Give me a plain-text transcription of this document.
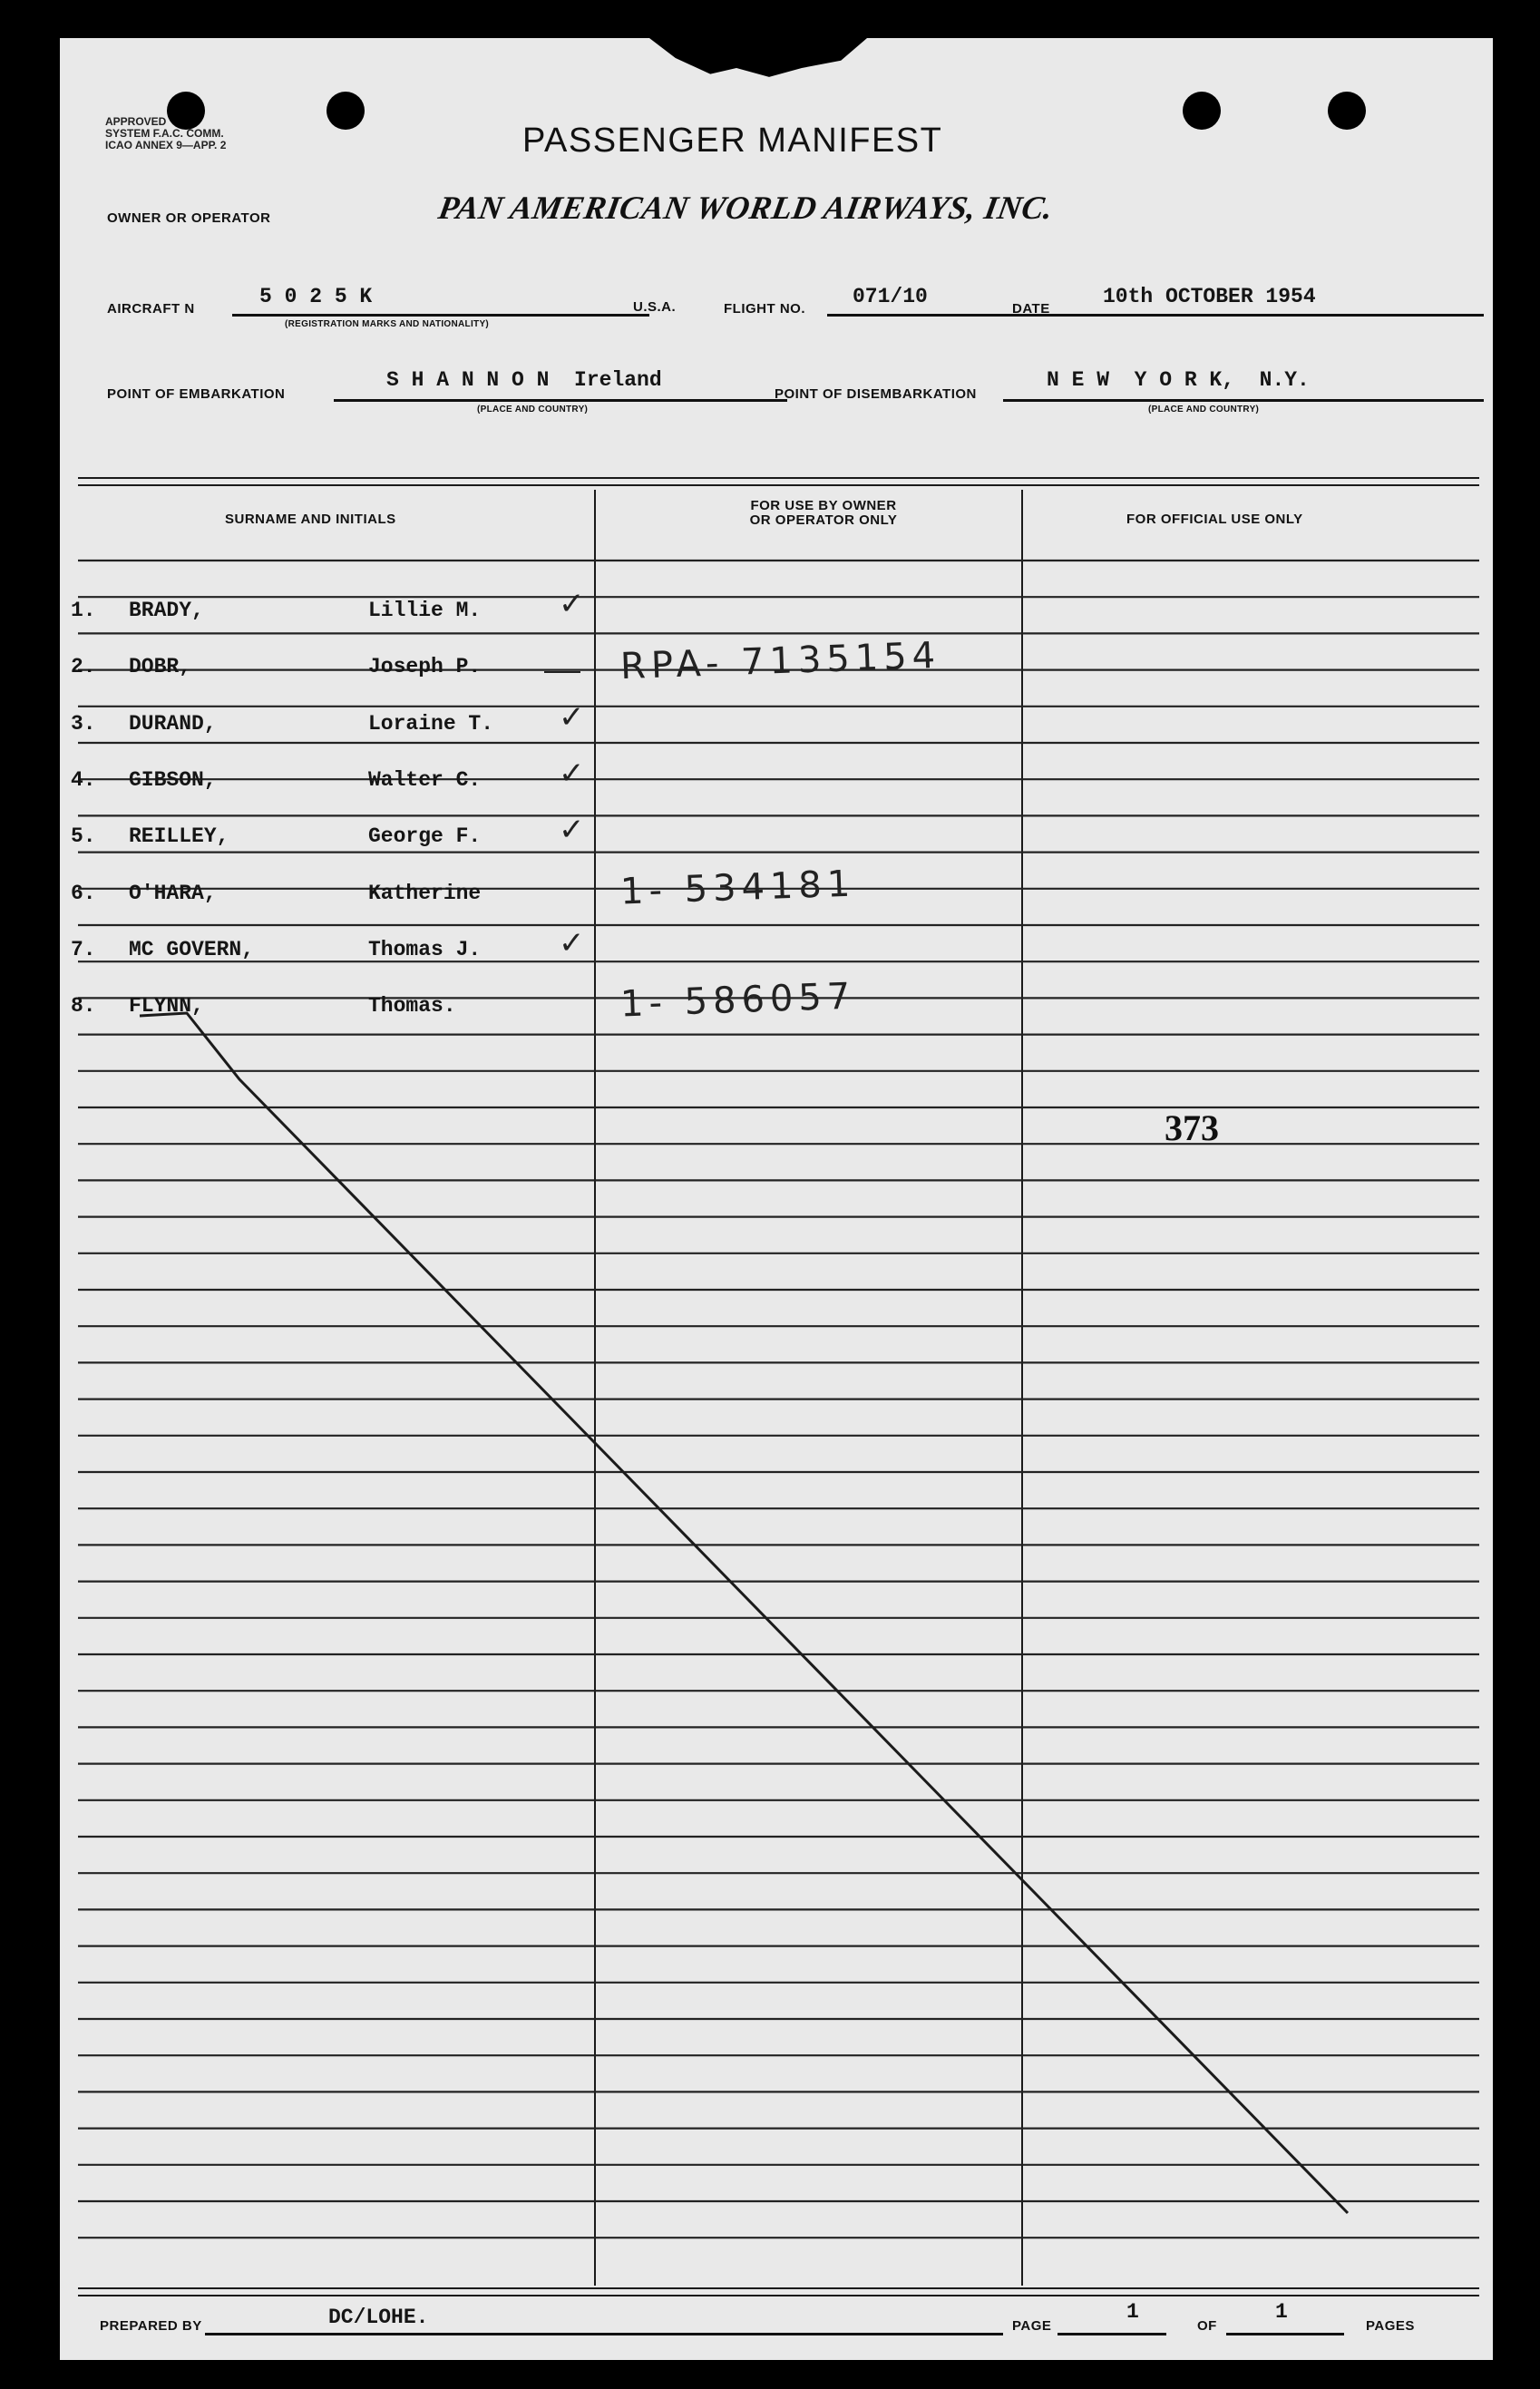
APPROVED
SYSTEM F.A.C. COMM.
ICAO ANNEX 9—APP. 2	PASSENGER MANIFEST
OWNER OR OPERATOR	PAN AMERICAN WORLD AIRWAYS, INC.
AIRCRAFT N
5 0 2 5 K
(REGISTRATION MARKS AND NATIONALITY)
U.S.A.	FLIGHT NO.
071/10
DATE
10th OCTOBER 1954
POINT OF EMBARKATION
S H A N N O N  Ireland
(PLACE AND COUNTRY)
POINT OF DISEMBARKATION
N E W  Y O R K,  N.Y.
(PLACE AND COUNTRY)
SURNAME AND INITIALS
FOR USE BY OWNER
OR OPERATOR ONLY	FOR OFFICIAL USE ONLY
1. BRADY,	Lillie M.	✓
2. DOBR,	Joseph P.	RPA- 7135154
3. DURAND,	Loraine T. ✓
4. GIBSON,	Walter C.	✓
5. REILLEY,	George F.	✓
6. O'HARA,	Katherine	1- 534181
7. MC GOVERN,	Thomas J.	✓
8. FLYNN,	Thomas.	1- 586057
373
PREPARED BY	DC/LOHE.	PAGE
1
OF
1
PAGES
